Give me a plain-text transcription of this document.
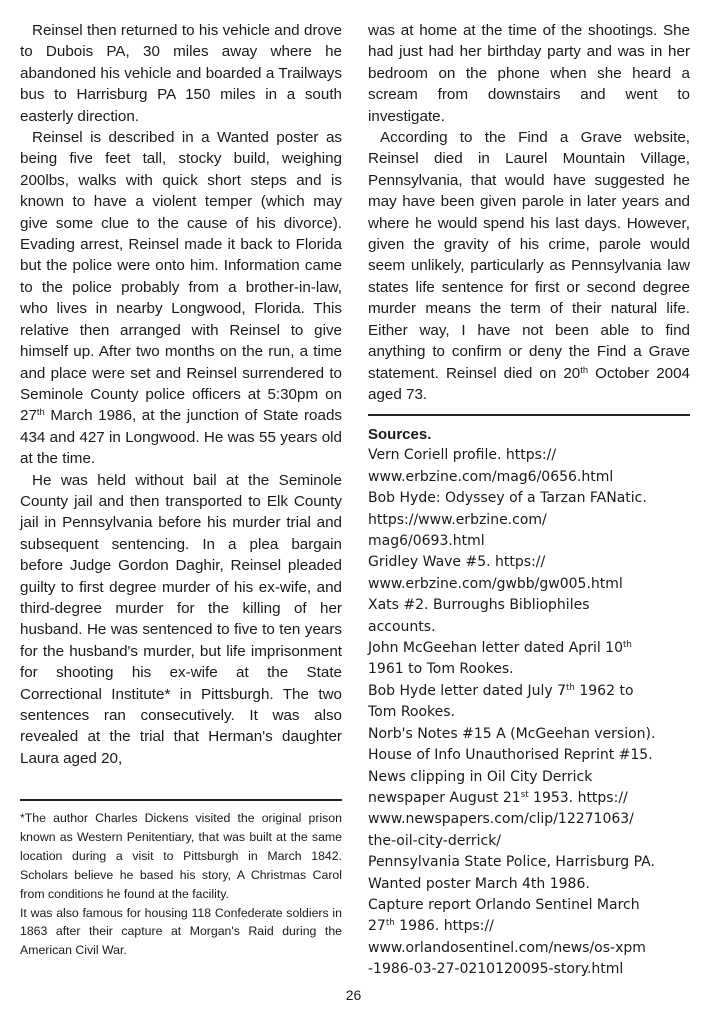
Reinsel then returned to his vehicle and drove to Dubois PA, 30 miles away where he abandoned his vehicle and boarded a Trailways bus to Harrisburg PA 150 miles in a south easterly direction.

Reinsel is described in a Wanted poster as being five feet tall, stocky build, weighing 200lbs, walks with quick short steps and is known to have a violent temper (which may give some clue to the cause of his divorce). Evading arrest, Reinsel made it back to Florida but the police were onto him. Information came to the police probably from a brother-in-law, who lives in nearby Longwood, Florida. This relative then arranged with Reinsel to give himself up. After two months on the run, a time and place were set and Reinsel surrendered to Seminole County police officers at 5:30pm on 27th March 1986, at the junction of State roads 434 and 427 in Longwood. He was 55 years old at the time.

He was held without bail at the Seminole County jail and then transported to Elk County jail in Pennsylvania before his murder trial and subsequent sentencing. In a plea bargain before Judge Gordon Daghir, Reinsel pleaded guilty to first degree murder of his ex-wife, and third-degree murder for the killing of her husband. He was sentenced to five to ten years for the husband's murder, but life imprisonment for shooting his ex-wife at the State Correctional Institute* in Pittsburgh. The two sentences ran consecutively. It was also revealed at the trial that Herman's daughter Laura aged 20,

*The author Charles Dickens visited the original prison known as Western Penitentiary, that was built at the same location during a visit to Pittsburgh in March 1842. Scholars believe he based his story, A Christmas Carol from conditions he found at the facility.

It was also famous for housing 118 Confederate soldiers in 1863 after their capture at Morgan's Raid during the American Civil War.

was at home at the time of the shootings. She had just had her birthday party and was in her bedroom on the phone when she heard a scream from downstairs and went to investigate.

According to the Find a Grave website, Reinsel died in Laurel Mountain Village, Pennsylvania, that would have suggested he may have been given parole in later years and where he would spend his last days. However, given the gravity of his crime, parole would seem unlikely, particularly as Pennsylvania law states life sentence for first or second degree murder means the term of their natural life. Either way, I have not been able to find anything to confirm or deny the Find a Grave statement. Reinsel died on 20th October 2004 aged 73.

Sources.
Vern Coriell profile. https://
www.erbzine.com/mag6/0656.html
Bob Hyde: Odyssey of a Tarzan FANatic.
https://www.erbzine.com/
mag6/0693.html
Gridley Wave #5. https://
www.erbzine.com/gwbb/gw005.html
Xats #2. Burroughs Bibliophiles
accounts.
John McGeehan letter dated April 10th
1961 to Tom Rookes.
Bob Hyde letter dated July 7th 1962 to
Tom Rookes.
Norb's Notes #15 A (McGeehan version).
House of Info Unauthorised Reprint #15.
News clipping in Oil City Derrick
newspaper August 21st 1953. https://
www.newspapers.com/clip/12271063/
the-oil-city-derrick/
Pennsylvania State Police, Harrisburg PA.
Wanted poster March 4th 1986.
Capture report Orlando Sentinel March
27th 1986. https://
www.orlandosentinel.com/news/os-xpm
-1986-03-27-0210120095-story.html
26
